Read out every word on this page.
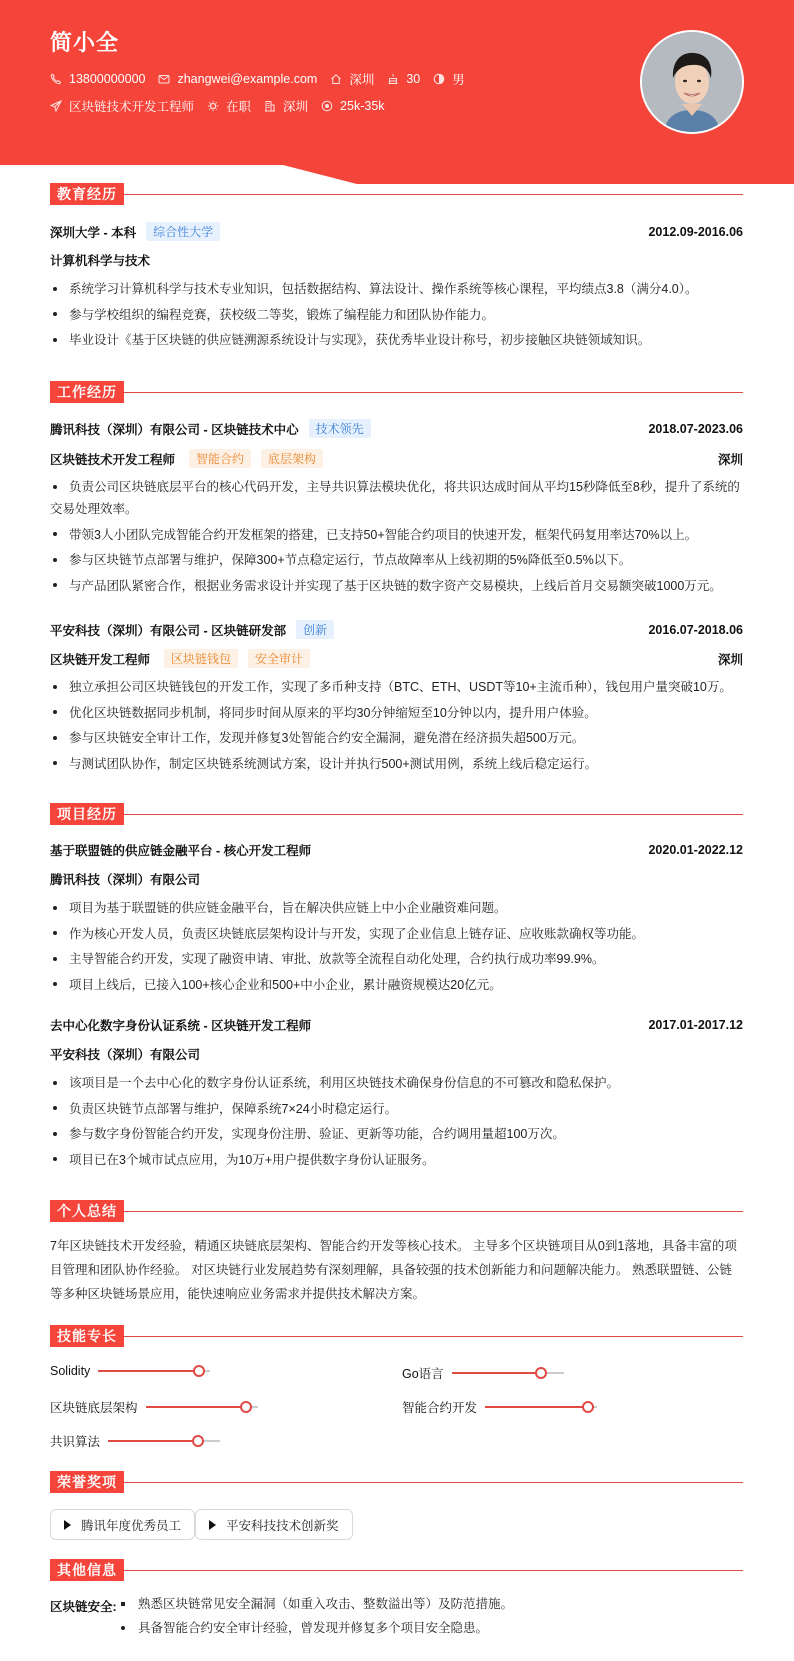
简小全
13800000000	zhangwei@example.com	深圳	30	男
区块链技术开发工程师	在职	深圳	25k-35k
教育经历
深圳大学 - 本科	综合性大学	2012.09-2016.06
计算机科学与技术
系统学习计算机科学与技术专业知识，包括数据结构、算法设计、操作系统等核心课程，平均绩点3.8（满分4.0）。
参与学校组织的编程竞赛，获校级二等奖，锻炼了编程能力和团队协作能力。
毕业设计《基于区块链的供应链溯源系统设计与实现》，获优秀毕业设计称号，初步接触区块链领域知识。
工作经历
腾讯科技（深圳）有限公司 - 区块链技术中心	技术领先	2018.07-2023.06
区块链技术开发工程师	智能合约	底层架构	深圳
负责公司区块链底层平台的核心代码开发，主导共识算法模块优化，将共识达成时间从平均15秒降低至8秒，提升了系统的交易处理效率。
带领3人小团队完成智能合约开发框架的搭建，已支持50+智能合约项目的快速开发，框架代码复用率达70%以上。
参与区块链节点部署与维护，保障300+节点稳定运行，节点故障率从上线初期的5%降低至0.5%以下。
与产品团队紧密合作，根据业务需求设计并实现了基于区块链的数字资产交易模块，上线后首月交易额突破1000万元。
平安科技（深圳）有限公司 - 区块链研发部	创新	2016.07-2018.06
区块链开发工程师	区块链钱包	安全审计	深圳
独立承担公司区块链钱包的开发工作，实现了多币种支持（BTC、ETH、USDT等10+主流币种），钱包用户量突破10万。
优化区块链数据同步机制，将同步时间从原来的平均30分钟缩短至10分钟以内，提升用户体验。
参与区块链安全审计工作，发现并修复3处智能合约安全漏洞，避免潜在经济损失超500万元。
与测试团队协作，制定区块链系统测试方案，设计并执行500+测试用例，系统上线后稳定运行。
项目经历
基于联盟链的供应链金融平台 - 核心开发工程师	2020.01-2022.12
腾讯科技（深圳）有限公司
项目为基于联盟链的供应链金融平台，旨在解决供应链上中小企业融资难问题。
作为核心开发人员，负责区块链底层架构设计与开发，实现了企业信息上链存证、应收账款确权等功能。
主导智能合约开发，实现了融资申请、审批、放款等全流程自动化处理，合约执行成功率99.9%。
项目上线后，已接入100+核心企业和500+中小企业，累计融资规模达20亿元。
去中心化数字身份认证系统 - 区块链开发工程师	2017.01-2017.12
平安科技（深圳）有限公司
该项目是一个去中心化的数字身份认证系统，利用区块链技术确保身份信息的不可篡改和隐私保护。
负责区块链节点部署与维护，保障系统7×24小时稳定运行。
参与数字身份智能合约开发，实现身份注册、验证、更新等功能，合约调用量超100万次。
项目已在3个城市试点应用，为10万+用户提供数字身份认证服务。
个人总结
7年区块链技术开发经验，精通区块链底层架构、智能合约开发等核心技术。 主导多个区块链项目从0到1落地，具备丰富的项目管理和团队协作经验。 对区块链行业发展趋势有深刻理解，具备较强的技术创新能力和问题解决能力。 熟悉联盟链、公链等多种区块链场景应用，能快速响应业务需求并提供技术解决方案。
技能专长
Solidity	Go语言
区块链底层架构	智能合约开发
共识算法
荣誉奖项
腾讯年度优秀员工	平安科技技术创新奖
其他信息
区块链安全:	熟悉区块链常见安全漏洞（如重入攻击、整数溢出等）及防范措施。
具备智能合约安全审计经验，曾发现并修复多个项目安全隐患。
